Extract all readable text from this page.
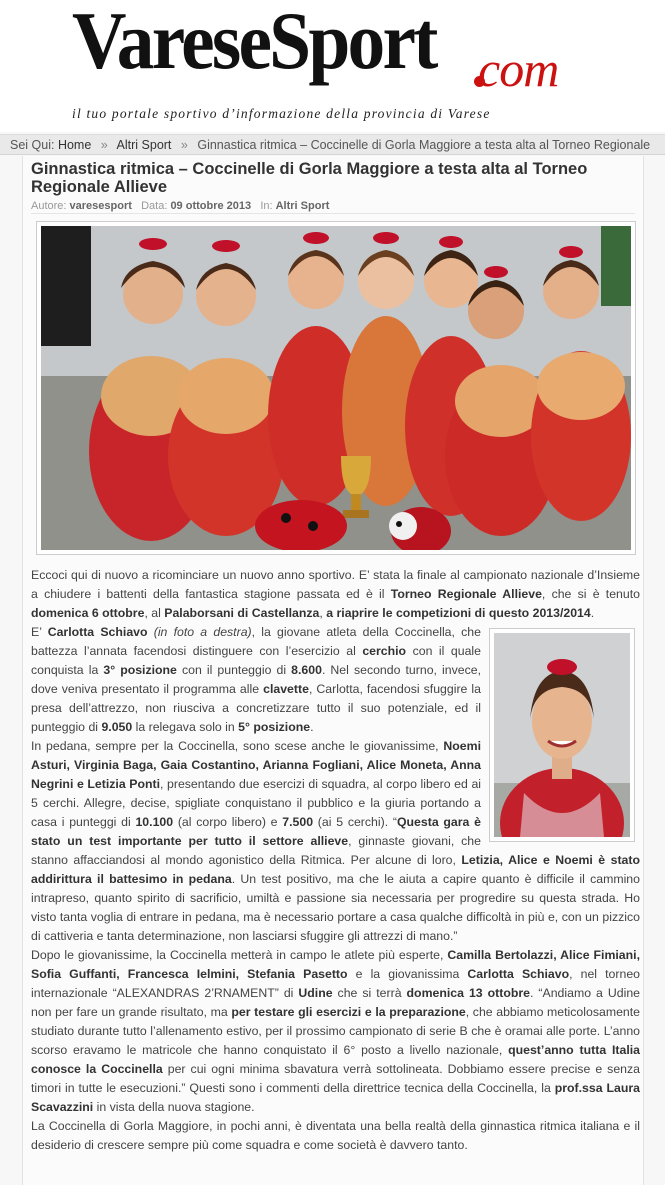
VareseSport com
il tuo portale sportivo d’informazione della provincia di Varese
Sei Qui: Home » Altri Sport » Ginnastica ritmica – Coccinelle di Gorla Maggiore a testa alta al Torneo Regionale
Ginnastica ritmica – Coccinelle di Gorla Maggiore a testa alta al Torneo Regionale Allieve
Autore: varesesport Data: 09 ottobre 2013 In: Altri Sport

Eccoci qui di nuovo a ricominciare un nuovo anno sportivo. E’ stata la finale al campionato nazionale d’Insieme a chiudere i battenti della fantastica stagione passata ed è il Torneo Regionale Allieve, che si è tenuto domenica 6 ottobre, al Palaborsani di Castellanza, a riaprire le competizioni di questo 2013/2014.

E’ Carlotta Schiavo (in foto a destra), la giovane atleta della Coccinella, che battezza l’annata facendosi distinguere con l’esercizio al cerchio con il quale conquista la 3° posizione con il punteggio di 8.600. Nel secondo turno, invece, dove veniva presentato il programma alle clavette, Carlotta, facendosi sfuggire la presa dell’attrezzo, non riusciva a concretizzare tutto il suo potenziale, ed il punteggio di 9.050 la relegava solo in 5° posizione.

In pedana, sempre per la Coccinella, sono scese anche le giovanissime, Noemi Asturi, Virginia Baga, Gaia Costantino, Arianna Fogliani, Alice Moneta, Anna Negrini e Letizia Ponti, presentando due esercizi di squadra, al corpo libero ed ai 5 cerchi. Allegre, decise, spigliate conquistano il pubblico e la giuria portando a casa i punteggi di 10.100 (al corpo libero) e 7.500 (ai 5 cerchi). “Questa gara è stato un test importante per tutto il settore allieve, ginnaste giovani, che stanno affacciandosi al mondo agonistico della Ritmica. Per alcune di loro, Letizia, Alice e Noemi è stato addirittura il battesimo in pedana. Un test positivo, ma che le aiuta a capire quanto è difficile il cammino intrapreso, quanto spirito di sacrificio, umiltà e passione sia necessaria per progredire su questa strada. Ho visto tanta voglia di entrare in pedana, ma è necessario portare a casa qualche difficoltà in più e, con un pizzico di cattiveria e tanta determinazione, non lasciarsi sfuggire gli attrezzi di mano.”

Dopo le giovanissime, la Coccinella metterà in campo le atlete più esperte, Camilla Bertolazzi, Alice Fimiani, Sofia Guffanti, Francesca Ielmini, Stefania Pasetto e la giovanissima Carlotta Schiavo, nel torneo internazionale “ALEXANDRAS 2’RNAMENT” di Udine che si terrà domenica 13 ottobre. “Andiamo a Udine non per fare un grande risultato, ma per testare gli esercizi e la preparazione, che abbiamo meticolosamente studiato durante tutto l’allenamento estivo, per il prossimo campionato di serie B che è oramai alle porte. L’anno scorso eravamo le matricole che hanno conquistato il 6° posto a livello nazionale, quest’anno tutta Italia conosce la Coccinella per cui ogni minima sbavatura verrà sottolineata. Dobbiamo essere precise e senza timori in tutte le esecuzioni.” Questi sono i commenti della direttrice tecnica della Coccinella, la prof.ssa Laura Scavazzini in vista della nuova stagione.

La Coccinella di Gorla Maggiore, in pochi anni, è diventata una bella realtà della ginnastica ritmica italiana e il desiderio di crescere sempre più come squadra e come società è davvero tanto.
